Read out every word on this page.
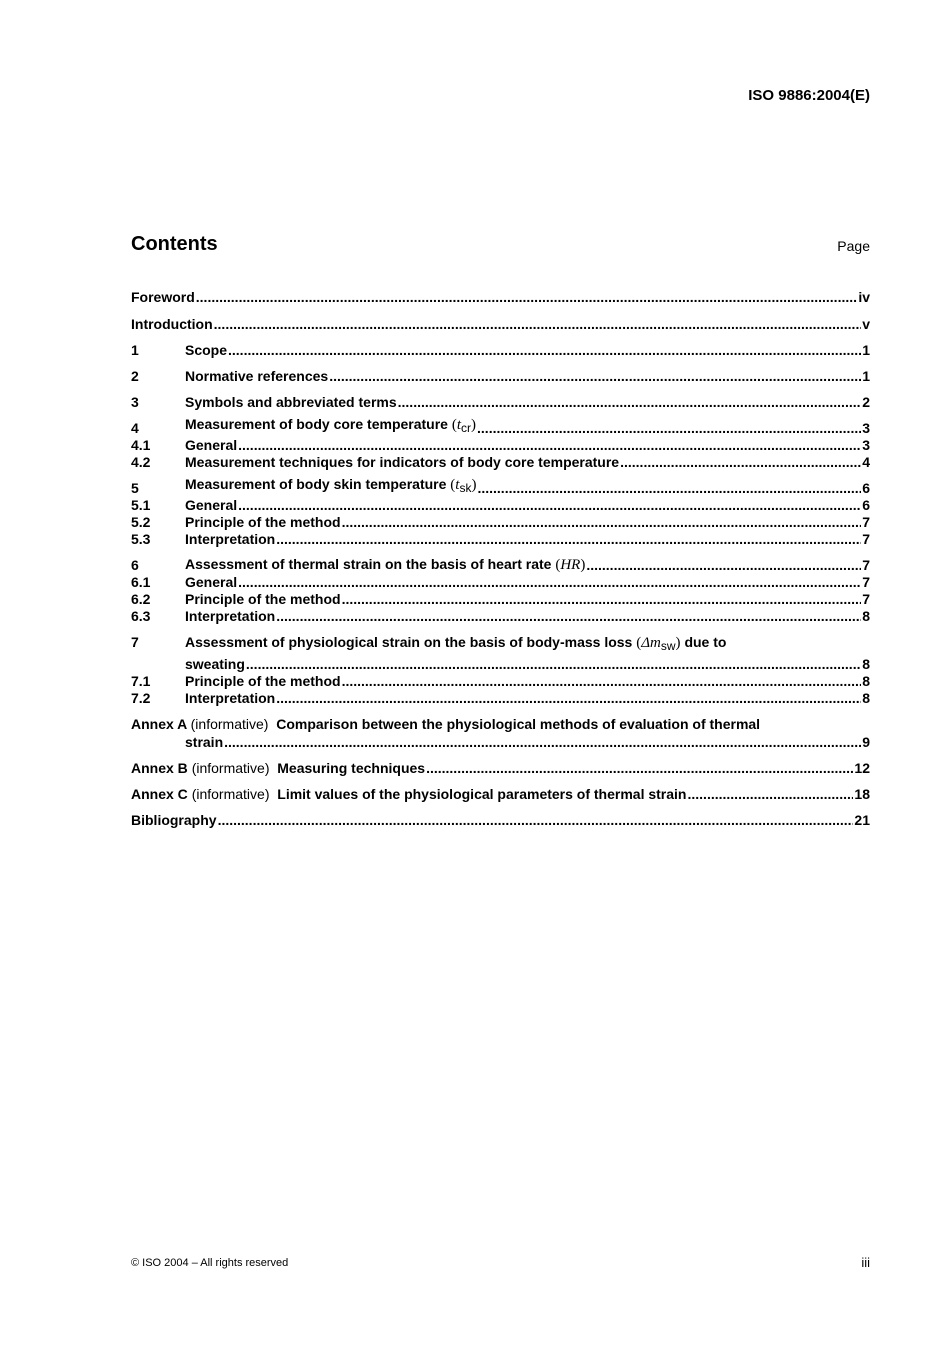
ISO 9886:2004(E)
Contents	Page
Foreword .....	iv
Introduction .....	v
1	Scope .....	1
2	Normative references .....	1
3	Symbols and abbreviated terms .....	2
4	Measurement of body core temperature (tcr) .....	3
4.1	General .....	3
4.2	Measurement techniques for indicators of body core temperature .....	4
5	Measurement of body skin temperature (tsk) .....	6
5.1	General .....	6
5.2	Principle of the method .....	7
5.3	Interpretation .....	7
6	Assessment of thermal strain on the basis of heart rate (HR) .....	7
6.1	General .....	7
6.2	Principle of the method .....	7
6.3	Interpretation .....	8
7	Assessment of physiological strain on the basis of body-mass loss (Δmsw) due to
sweating .....	8
7.1	Principle of the method .....	8
7.2	Interpretation .....	8
Annex A (informative) Comparison between the physiological methods of evaluation of thermal
strain .....	9
Annex B (informative) Measuring techniques .....	12
Annex C (informative) Limit values of the physiological parameters of thermal strain .....	18
Bibliography .....	21
© ISO 2004 – All rights reserved	iii
